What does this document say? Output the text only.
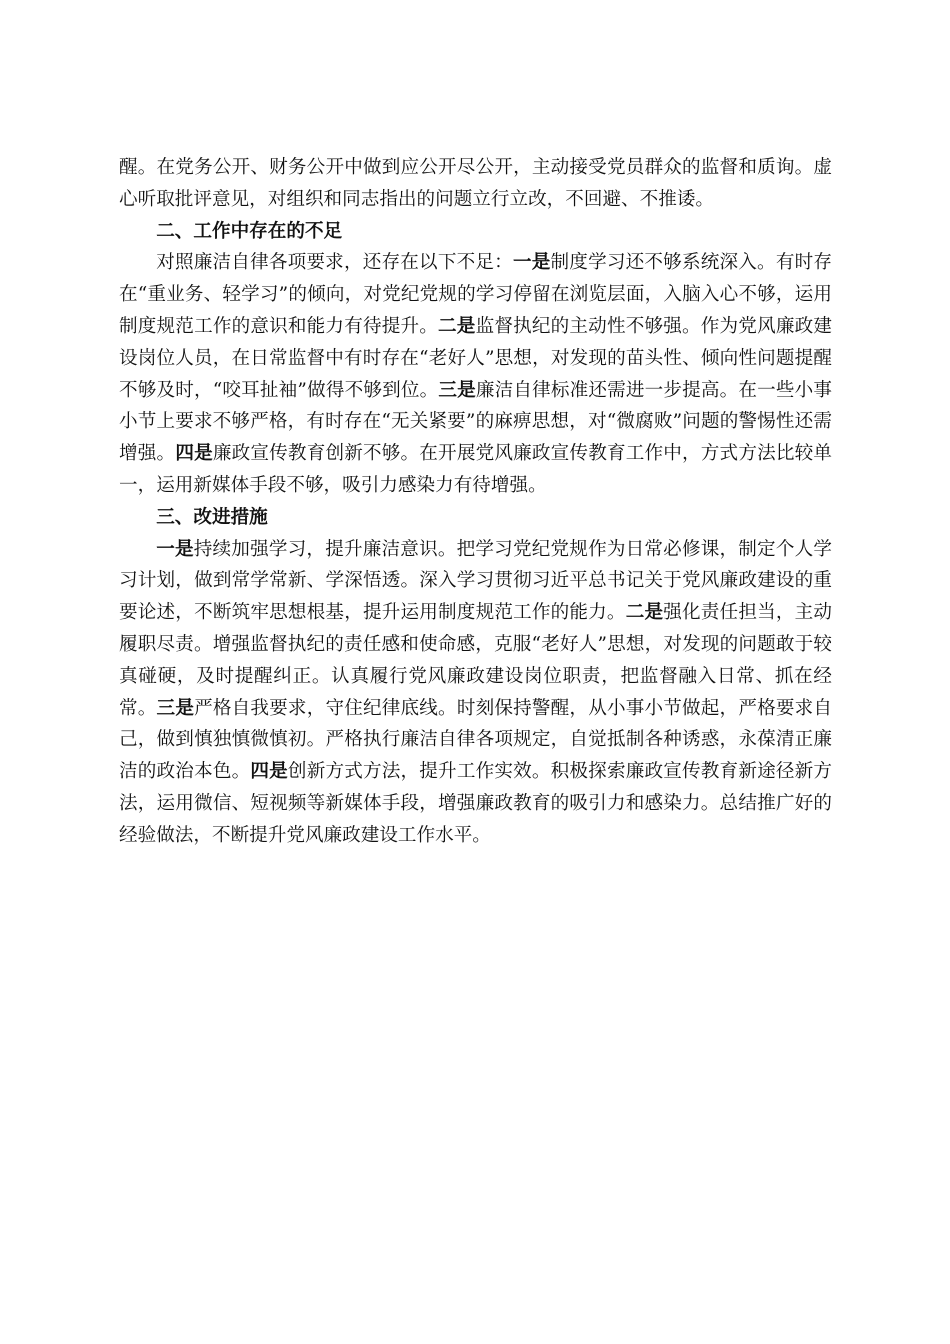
醒。在党务公开、财务公开中做到应公开尽公开，主动接受党员群众的监督和质询。虚心听取批评意见，对组织和同志指出的问题立行立改，不回避、不推诿。

二、工作中存在的不足

对照廉洁自律各项要求，还存在以下不足：一是制度学习还不够系统深入。有时存在“重业务、轻学习”的倾向，对党纪党规的学习停留在浏览层面，入脑入心不够，运用制度规范工作的意识和能力有待提升。二是监督执纪的主动性不够强。作为党风廉政建设岗位人员，在日常监督中有时存在“老好人”思想，对发现的苗头性、倾向性问题提醒不够及时，“咬耳扯袖”做得不够到位。三是廉洁自律标准还需进一步提高。在一些小事小节上要求不够严格，有时存在“无关紧要”的麻痹思想，对“微腐败”问题的警惕性还需增强。四是廉政宣传教育创新不够。在开展党风廉政宣传教育工作中，方式方法比较单一，运用新媒体手段不够，吸引力感染力有待增强。

三、改进措施

一是持续加强学习，提升廉洁意识。把学习党纪党规作为日常必修课，制定个人学习计划，做到常学常新、学深悟透。深入学习贯彻习近平总书记关于党风廉政建设的重要论述，不断筑牢思想根基，提升运用制度规范工作的能力。二是强化责任担当，主动履职尽责。增强监督执纪的责任感和使命感，克服“老好人”思想，对发现的问题敢于较真碰硬，及时提醒纠正。认真履行党风廉政建设岗位职责，把监督融入日常、抓在经常。三是严格自我要求，守住纪律底线。时刻保持警醒，从小事小节做起，严格要求自己，做到慎独慎微慎初。严格执行廉洁自律各项规定，自觉抵制各种诱惑，永葆清正廉洁的政治本色。四是创新方式方法，提升工作实效。积极探索廉政宣传教育新途径新方法，运用微信、短视频等新媒体手段，增强廉政教育的吸引力和感染力。总结推广好的经验做法，不断提升党风廉政建设工作水平。
